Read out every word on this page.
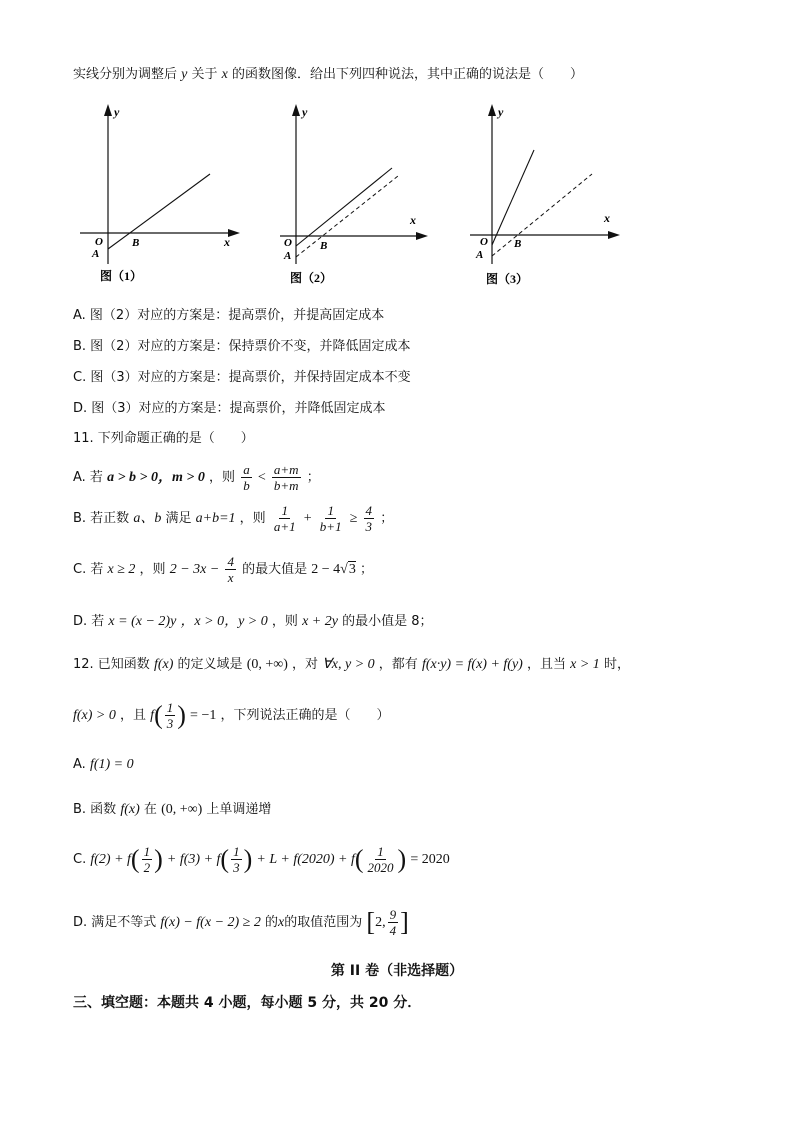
实线分别为调整后 y 关于 x 的函数图像．给出下列四种说法，其中正确的说法是（　　）
y
x
O
A
B
图（1）
y
x
O
A
B
图（2）
y
x
O
A
B
图（3）
A. 图（2）对应的方案是：提高票价，并提高固定成本
B. 图（2）对应的方案是：保持票价不变，并降低固定成本
C. 图（3）对应的方案是：提高票价，并保持固定成本不变
D. 图（3）对应的方案是：提高票价，并降低固定成本
11. 下列命题正确的是（　　）
A. 若 a > b > 0，m > 0 ，则 $\frac{a}{b} < \frac{a+m}{b+m}$ ；
B. 若正数 a、b 满足 a+b=1 ，则 $\frac{1}{a+1} + \frac{1}{b+1} \ge \frac{4}{3}$ ；
C. 若 x ≥ 2 ，则 $2 - 3x - \frac{4}{x}$ 的最大值是 2 − 4√3 ；
D. 若 x = (x − 2)y ，x > 0，y > 0 ，则 x + 2y 的最小值是 8；
12. 已知函数 f(x) 的定义域是 (0, +∞) ，对 ∀x, y > 0 ，都有 f(x·y) = f(x) + f(y) ，且当 x > 1 时，
f(x) > 0 ，且 $f( \frac{1}{3}$ ) = −1 ，下列说法正确的是（　　）
A. f(1) = 0
B. 函数 f(x) 在 (0, +∞) 上单调递增
C. $f(2) + f( \frac{1}{2}$ ) + $f(3) + f( \frac{1}{3}$ ) + $L + f(2020) + f( \frac{1}{2020}$ ) = 2020
D. 满足不等式 f(x) − f(x − 2) ≥ 2 的x的取值范围为 [2, $\frac{9}{4}$ ]
第 II 卷（非选择题）
三、填空题：本题共 4 小题，每小题 5 分，共 20 分．
